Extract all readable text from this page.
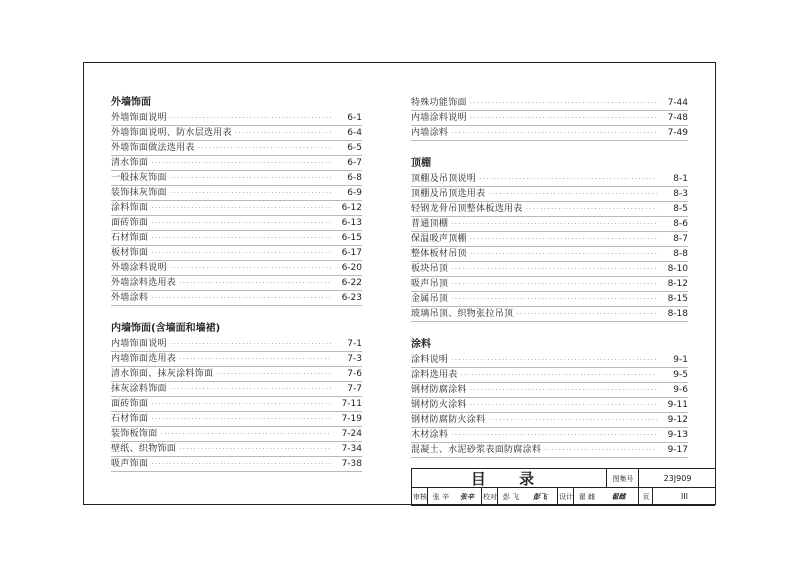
外墙饰面
外墙饰面说明 ·····	6-1
外墙饰面说明、防水层选用表 ·····	6-4
外墙饰面做法选用表 ·····	6-5
清水饰面 ·····	6-7
一般抹灰饰面 ·····	6-8
装饰抹灰饰面 ·····	6-9
涂料饰面 ·····	6-12
面砖饰面 ·····	6-13
石材饰面 ·····	6-15
板材饰面 ·····	6-17
外墙涂料说明 ·····	6-20
外墙涂料选用表 ·····	6-22
外墙涂料 ·····	6-23
内墙饰面(含墙面和墙裙)
内墙饰面说明 ·····	7-1
内墙饰面选用表 ·····	7-3
清水饰面、抹灰涂料饰面 ·····	7-6
抹灰涂料饰面 ·····	7-7
面砖饰面 ·····	7-11
石材饰面 ·····	7-19
装饰板饰面 ·····	7-24
壁纸、织物饰面 ·····	7-34
吸声饰面 ·····	7-38
特殊功能饰面 ·····	7-44
内墙涂料说明 ·····	7-48
内墙涂料 ·····	7-49
顶棚
顶棚及吊顶说明 ·····	8-1
顶棚及吊顶选用表 ·····	8-3
轻钢龙骨吊顶整体板选用表 ·····	8-5
普通顶棚 ·····	8-6
保温吸声顶棚 ·····	8-7
整体板材吊顶 ·····	8-8
板块吊顶 ·····	8-10
吸声吊顶 ·····	8-12
金属吊顶 ·····	8-15
玻璃吊顶、织物张拉吊顶 ·····	8-18
涂料
涂料说明 ·····	9-1
涂料选用表 ·····	9-5
钢材防腐涂料 ·····	9-6
钢材防火涂料 ·····	9-11
钢材防腐防火涂料 ·····	9-12
木材涂料 ·····	9-13
混凝土、水泥砂浆表面防腐涂料 ·····	9-17
目 录	图集号	23J909
审核 张 辛 张辛 校对 彭 飞 彭飞 设计 翟 雌 翟雌 页	III
